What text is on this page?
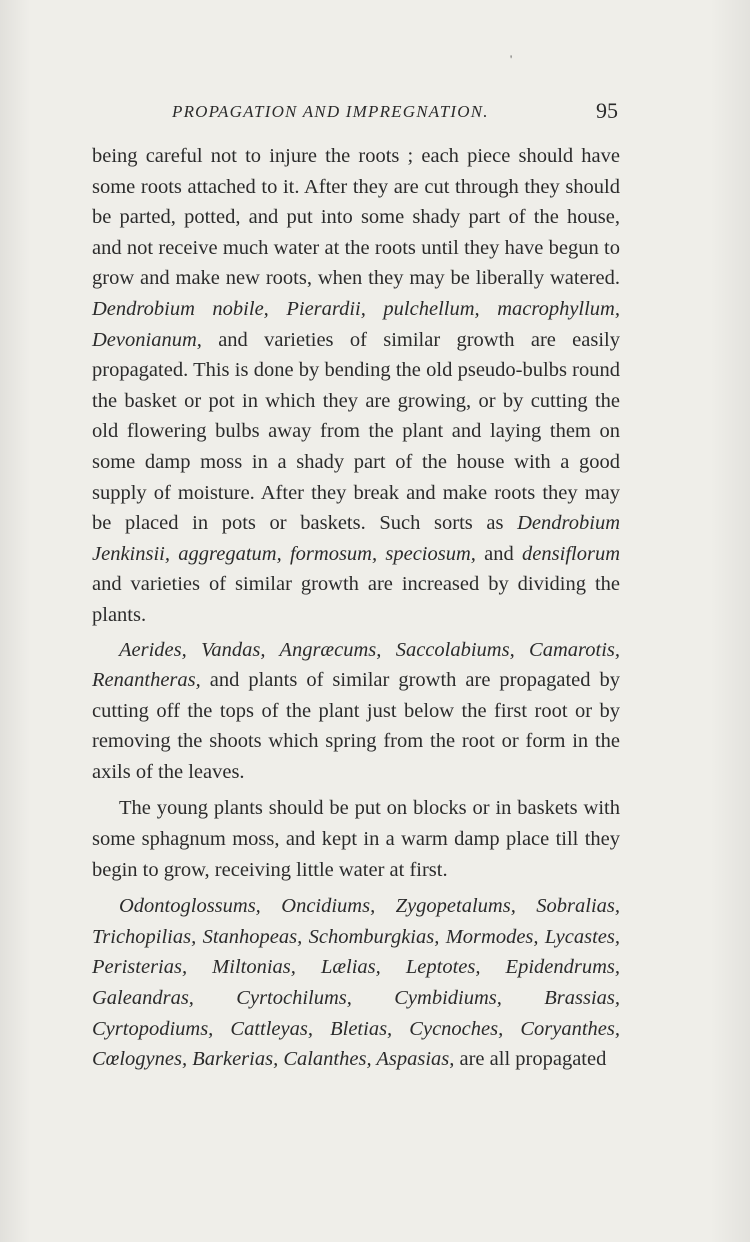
'
PROPAGATION AND IMPREGNATION.	95

being careful not to injure the roots ; each piece should have some roots attached to it. After they are cut through they should be parted, potted, and put into some shady part of the house, and not receive much water at the roots until they have begun to grow and make new roots, when they may be liberally watered. Dendrobium nobile, Pierardii, pulchellum, macrophyllum, Devonianum, and varieties of similar growth are easily propagated. This is done by bending the old pseudo-bulbs round the basket or pot in which they are growing, or by cutting the old flowering bulbs away from the plant and laying them on some damp moss in a shady part of the house with a good supply of moisture. After they break and make roots they may be placed in pots or baskets. Such sorts as Dendrobium Jenkinsii, aggregatum, formosum, speciosum, and densiflorum and varieties of similar growth are increased by dividing the plants.

Aerides, Vandas, Angræcums, Saccolabiums, Camarotis, Renantheras, and plants of similar growth are propagated by cutting off the tops of the plant just below the first root or by removing the shoots which spring from the root or form in the axils of the leaves.

The young plants should be put on blocks or in baskets with some sphagnum moss, and kept in a warm damp place till they begin to grow, receiving little water at first.

Odontoglossums, Oncidiums, Zygopetalums, Sobralias, Trichopilias, Stanhopeas, Schomburgkias, Mormodes, Lycastes, Peristerias, Miltonias, Lælias, Leptotes, Epidendrums, Galeandras, Cyrtochilums, Cymbidiums, Brassias, Cyrtopodiums, Cattleyas, Bletias, Cycnoches, Coryanthes, Cœlogynes, Barkerias, Calanthes, Aspasias, are all propagated
